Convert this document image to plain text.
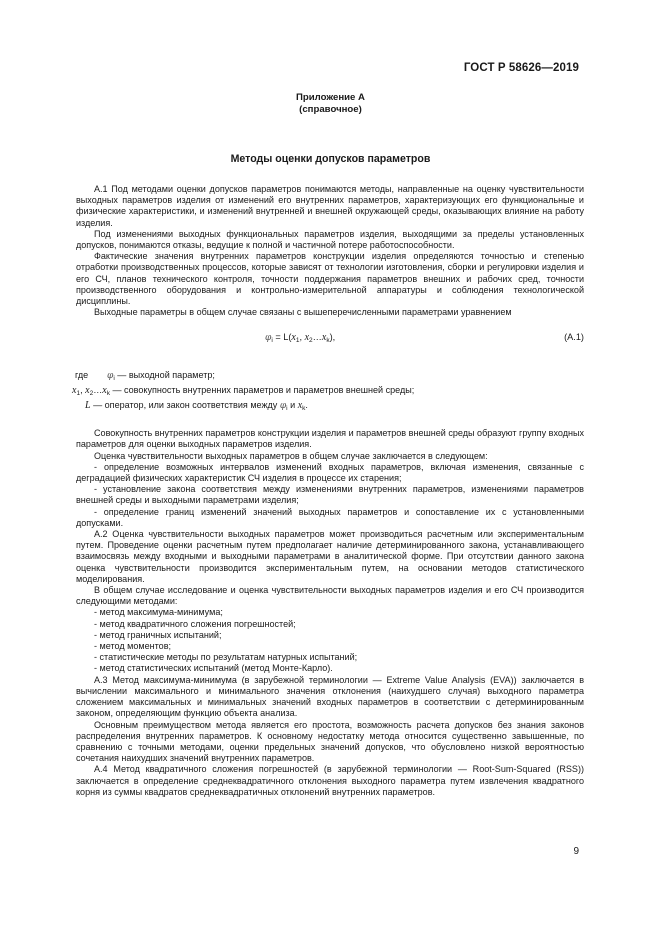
ГОСТ Р 58626—2019
Приложение А
(справочное)
Методы оценки допусков параметров

А.1 Под методами оценки допусков параметров понимаются методы, направленные на оценку чувствительности выходных параметров изделия от изменений его внутренних параметров, характеризующих его функциональные и физические характеристики, и изменений внутренней и внешней окружающей среды, оказывающих влияние на работу изделия.

Под изменениями выходных функциональных параметров изделия, выходящими за пределы установленных допусков, понимаются отказы, ведущие к полной и частичной потере работоспособности.

Фактические значения внутренних параметров конструкции изделия определяются точностью и степенью отработки производственных процессов, которые зависят от технологии изготовления, сборки и регулировки изделия и его СЧ, планов технического контроля, точности поддержания параметров внешних и рабочих сред, точности производственного оборудования и контрольно-измерительной аппаратуры и соблюдения технологической дисциплины.

Выходные параметры в общем случае связаны с вышеперечисленными параметрами уравнением

$\varphi_i = L(x_1$, $x_2\dots x_k$),	(А.1)
где $\varphi_i$ — выходной параметр;
$x_1$, $x_2\dots x_k$ — совокупность внутренних параметров и параметров внешней среды;
L — оператор, или закон соответствия между $\varphi_i$ и $x_k$.

Совокупность внутренних параметров конструкции изделия и параметров внешней среды образуют группу входных параметров для оценки выходных параметров изделия.

Оценка чувствительности выходных параметров в общем случае заключается в следующем:

- определение возможных интервалов изменений входных параметров, включая изменения, связанные с деградацией физических характеристик СЧ изделия в процессе их старения;

- установление закона соответствия между изменениями внутренних параметров, изменениями параметров внешней среды и выходными параметрами изделия;

- определение границ изменений значений выходных параметров и сопоставление их с установленными допусками.

А.2 Оценка чувствительности выходных параметров может производиться расчетным или экспериментальным путем. Проведение оценки расчетным путем предполагает наличие детерминированного закона, устанавливающего взаимосвязь между входными и выходными параметрами в аналитической форме. При отсутствии данного закона оценка чувствительности производится экспериментальным путем, на основании методов статистического моделирования.

В общем случае исследование и оценка чувствительности выходных параметров изделия и его СЧ производится следующими методами:

- метод максимума-минимума;

- метод квадратичного сложения погрешностей;

- метод граничных испытаний;

- метод моментов;

- статистические методы по результатам натурных испытаний;

- метод статистических испытаний (метод Монте-Карло).

А.3 Метод максимума-минимума (в зарубежной терминологии — Extreme Value Analysis (EVA)) заключается в вычислении максимального и минимального значения отклонения (наихудшего случая) выходного параметра сложением максимальных и минимальных значений входных параметров в соответствии с детерминированным законом, определяющим функцию объекта анализа.

Основным преимуществом метода является его простота, возможность расчета допусков без знания законов распределения внутренних параметров. К основному недостатку метода относится существенно завышенные, по сравнению с точными методами, оценки предельных значений допусков, что обусловлено низкой вероятностью сочетания наихудших значений внутренних параметров.

А.4 Метод квадратичного сложения погрешностей (в зарубежной терминологии — Root-Sum-Squared (RSS)) заключается в определение среднеквадратичного отклонения выходного параметра путем извлечения квадратного корня из суммы квадратов среднеквадратичных отклонений внутренних параметров.

9
